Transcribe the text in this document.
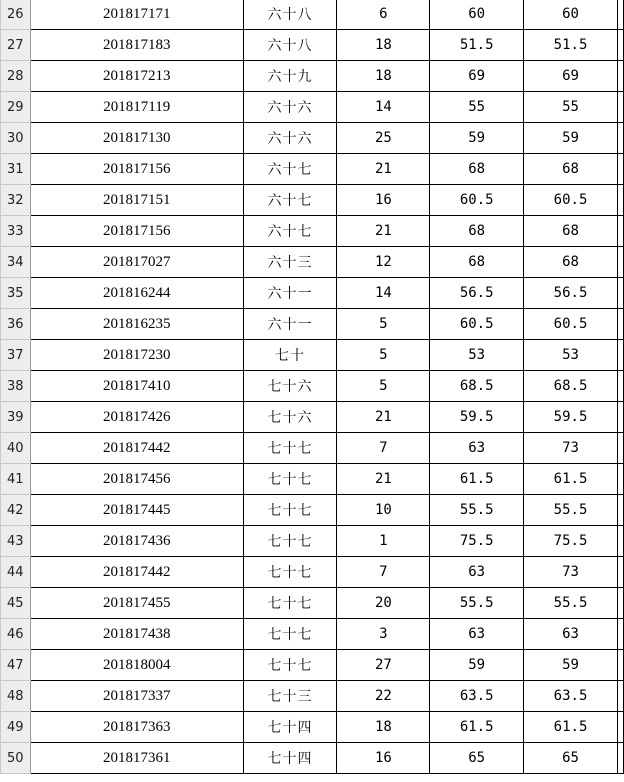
26	201817171	六十八	6	60	60	
27	201817183	六十八	18	51.5	51.5	
28	201817213	六十九	18	69	69	
29	201817119	六十六	14	55	55	
30	201817130	六十六	25	59	59	
31	201817156	六十七	21	68	68	
32	201817151	六十七	16	60.5	60.5	
33	201817156	六十七	21	68	68	
34	201817027	六十三	12	68	68	
35	201816244	六十一	14	56.5	56.5	
36	201816235	六十一	5	60.5	60.5	
37	201817230	七十	5	53	53	
38	201817410	七十六	5	68.5	68.5	
39	201817426	七十六	21	59.5	59.5	
40	201817442	七十七	7	63	73	
41	201817456	七十七	21	61.5	61.5	
42	201817445	七十七	10	55.5	55.5	
43	201817436	七十七	1	75.5	75.5	
44	201817442	七十七	7	63	73	
45	201817455	七十七	20	55.5	55.5	
46	201817438	七十七	3	63	63	
47	201818004	七十七	27	59	59	
48	201817337	七十三	22	63.5	63.5	
49	201817363	七十四	18	61.5	61.5	
50	201817361	七十四	16	65	65	
